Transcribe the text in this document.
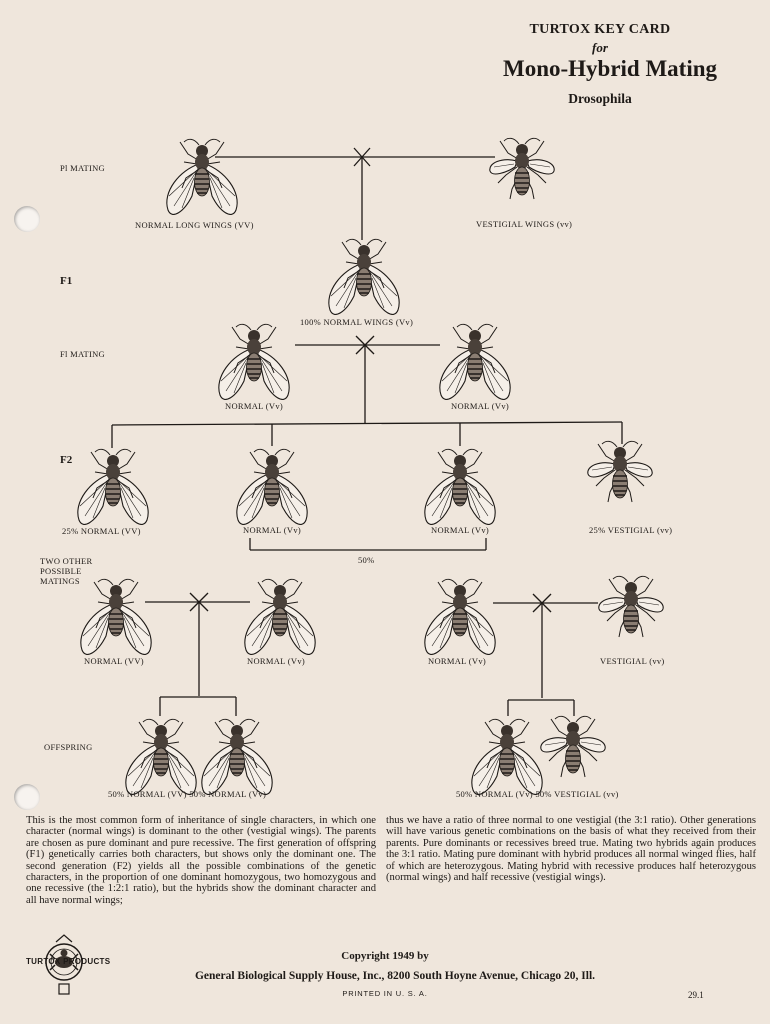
TURTOX KEY CARD
for
Mono-Hybrid Mating
Drosophila
Pl MATING
F1
Fl MATING
F2
TWO OTHER
POSSIBLE
MATINGS
OFFSPRING
NORMAL LONG WINGS (VV)	VESTIGIAL WINGS (vv)
100% NORMAL WINGS (Vv)
NORMAL (Vv)	NORMAL (Vv)
25% NORMAL (VV)	NORMAL (Vv)	NORMAL (Vv)	25% VESTIGIAL (vv)
50%
NORMAL (VV)	NORMAL (Vv)	NORMAL (Vv)	VESTIGIAL (vv)
50% NORMAL (VV) 50% NORMAL (Vv)	50% NORMAL (Vv) 50% VESTIGIAL (vv)
This is the most common form of inheritance of single characters, in which one character (normal wings) is dominant to the other (vestigial wings). The parents are chosen as pure dominant and pure recessive. The first generation of offspring (F1) genetically carries both characters, but shows only the dominant one. The second generation (F2) yields all the possible combinations of the genetic characters, in the proportion of one dominant homozygous, two homozygous and one recessive (the 1:2:1 ratio), but the hybrids show the dominant character and all have normal wings;
thus we have a ratio of three normal to one vestigial (the 3:1 ratio). Other generations will have various genetic combinations on the basis of what they received from their parents. Pure dominants or recessives breed true. Mating two hybrids again produces the 3:1 ratio. Mating pure dominant with hybrid produces all normal winged flies, half of which are heterozygous. Mating hybrid with recessive produces half heterozygous (normal wings) and half recessive (vestigial wings).
TURTOX PRODUCTS	Copyright 1949 by
General Biological Supply House, Inc., 8200 South Hoyne Avenue, Chicago 20, Ill.
PRINTED IN U. S. A.	29.1
